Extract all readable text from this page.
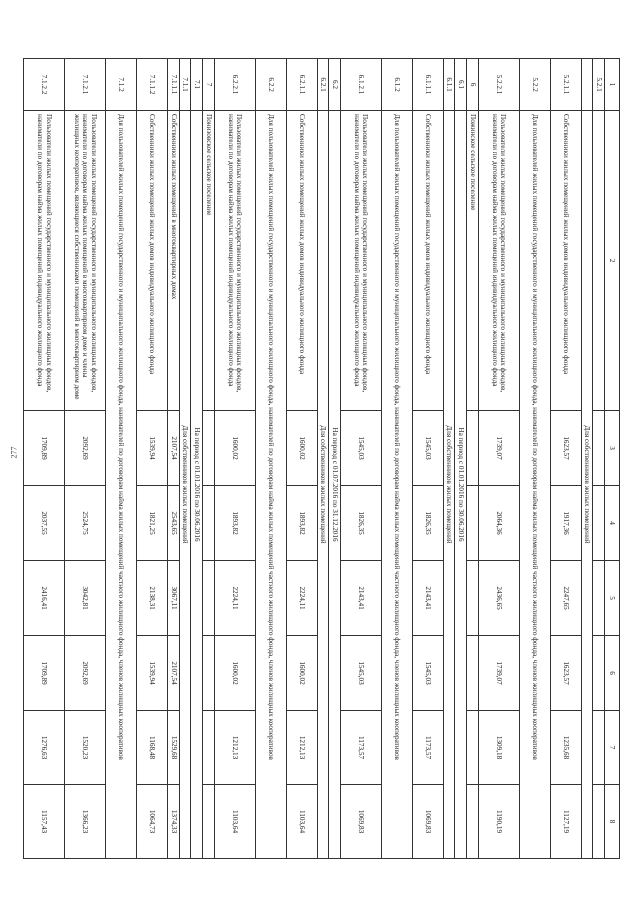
277
1	2	3	4	5	6	7	8
5.2.1							
	Для собственников жилых помещений						
5.2.1.1	Собственники жилых помещений жилых домов индивидуального жилищного фонда	1623,57	1917,36	2247,65	1623,57	1235,68	1127,19
5.2.2	Для пользователей жилых помещений государственного и муниципального жилищного фонда, нанимателей по договорам найма жилых помещений частного жилищного фонда, членов жилищных кооперативов						
5.2.2.1	Пользователи жилых помещений государственного и муниципального жилищных фондов, наниматели по договорам найма жилых помещений индивидуального жилищного фонда	1739,07	2064,36	2436,65	1739,07	1309,18	1190,19
6	Пожинское сельское поселение						
6.1	На период с 01.01.2016 по 30.06.2016						
6.1.1	Для собственников жилых помещений						
6.1.1.1	Собственники жилых помещений жилых домов индивидуального жилищного фонда	1545,03	1826,35	2143,41	1545,03	1173,57	1069,83
6.1.2	Для пользователей жилых помещений государственного и муниципального жилищного фонда, нанимателей по договорам найма жилых помещений частного жилищного фонда, членов жилищных кооперативов						
6.1.2.1	Пользователи жилых помещений государственного и муниципального жилищных фондов, наниматели по договорам найма жилых помещений индивидуального жилищного фонда	1545,03	1826,35	2143,41	1545,03	1173,57	1069,83
6.2	На период с 01.07.2016 по 31.12.2016						
6.2.1	Для собственников жилых помещений						
6.2.1.1	Собственники жилых помещений жилых домов индивидуального жилищного фонда	1600,02	1893,82	2224,11	1600,02	1212,13	1103,64
6.2.2	Для пользователей жилых помещений государственного и муниципального жилищного фонда, нанимателей по договорам найма жилых помещений частного жилищного фонда, членов жилищных кооперативов						
6.2.2.1	Пользователи жилых помещений государственного и муниципального жилищных фондов, наниматели по договорам найма жилых помещений индивидуального жилищного фонда	1600,02	1893,82	2224,11	1600,02	1212,13	1103,64
7	Понизовское сельское поселение						
7.1	На период с 01.01.2016 по 30.06.2016						
7.1.1	Для собственников жилых помещений						
7.1.1.1	Собственники жилых помещений в многоквартирных домах	2107,54	2543,65	3067,11	2107,54	1529,68	1374,33
7.1.1.2	Собственники жилых помещений жилых домов индивидуального жилищного фонда	1539,94	1821,25	2138,31	1539,94	1168,48	1064,73
7.1.2	Для пользователей жилых помещений государственного и муниципального жилищного фонда, нанимателей по договорам найма жилых помещений частного жилищного фонда, членов жилищных кооперативов						
7.1.2.1	Пользователи жилых помещений государственного и муниципального жилищных фондов, наниматели по договорам найма жилых помещений в многоквартирном доме и члены жилищных кооперативов, являющиеся собственниками помещений в многоквартирном доме	2092,69	2524,75	3042,81	2092,69	1520,23	1366,23
7.1.2.2	Пользователи жилых помещений государственного и муниципального жилищных фондов, наниматели по договорам найма жилых помещений индивидуального жилищного фонда	1709,89	2037,55	2416,41	1709,89	1276,63	1157,43
